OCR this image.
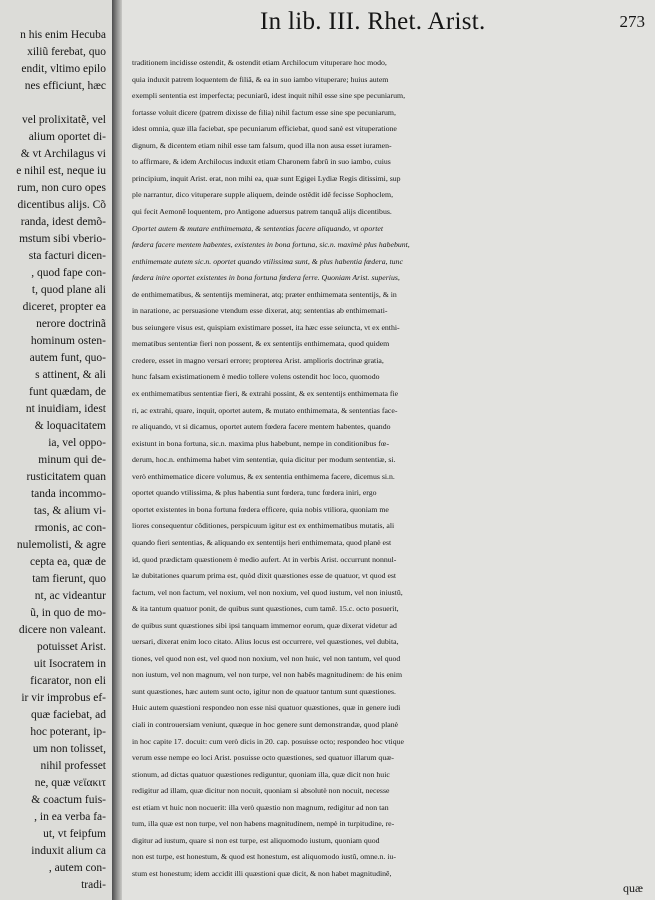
n his enim Hecuba
xiliũ ferebat, quo
endit, vltimo epilo
nes efficiunt, hæc
vel prolixitatẽ, vel
alium oportet di-
& vt Archilagus vi
e nihil est, neque iu
rum, non curo opes
dicentibus alijs. Cõ
randa, idest demõ-
mstum sibi vberio-
sta facturi dicen-
, quod fape con-
t, quod plane ali
diceret, propter ea
nerore doctrinã
hominum osten-
autem funt, quo-
s attinent, & ali
funt quædam, de
nt inuidiam, idest
& loquacitatem
ia, vel oppo-
minum qui de-
rusticitatem quan
tanda incommo-
tas, & alium vi-
rmonis, ac con-
nulemolisti, & agre
cepta ea, quæ de
tam fierunt, quo
nt, ac videantur
ũ, in quo de mo-
dicere non valeant.
potuisset Arist.
uit Isocratem in
ficarator, non eli
ir vir improbus ef-
quæ faciebat, ad
hoc poterant, ip-
um non tolisset,
nihil professet
ne, quæ νεϊακιτ
& coactum fuis-
, in ea verba fa-
ut, vt feipfum
induxit alium ca
, autem con-
tradi-
In lib. III. Rhet. Arist.	273
traditionem incidisse ostendit, & ostendit etiam Archilocum vituperare hoc modo,
quia induxit patrem loquentem de filiâ, & ea in suo iambo vituperare; huius autem
exempli sententia est imperfecta; pecuniarũ, idest inquit nihil esse sine spe pecuniarum,
fortasse voluit dicere (patrem dixisse de filia) nihil factum esse sine spe pecuniarum,
idest omnia, quæ illa faciebat, spe pecuniarum efficiebat, quod sanè est vituperatione
dignum, & dicentem etiam nihil esse tam falsum, quod illa non ausa esset iuramen-
to affirmare, & idem Archilocus induxit etiam Charonem fabrũ in suo iambo, cuius
principium, inquit Arist. erat, non mihi ea, quæ sunt Egigei Lydiæ Regis ditissimi, sup
ple narrantur, dico vituperare supple aliquem, deinde ostẽdit idẽ fecisse Sophoclem,
qui fecit Aemonẽ loquentem, pro Antigone aduersus patrem tanquã alijs dicentibus.
Oportet autem & mutare enthimemata, & sententias facere aliquando, vt oportet
fœdera facere mentem habentes, existentes in bona fortuna, sic.n. maximè plus habebunt,
enthimemate autem sic.n. oportet quando vtilissima sunt, & plus habentia fœdera, tunc
fœdera inire oportet existentes in bona fortuna fœdera ferre. Quoniam Arist. superius,
de enthimematibus, & sententijs meminerat, atq; præter enthimemata sententijs, & in
in naratione, ac persuasione vtendum esse dixerat, atq; sententias ab enthimemati-
bus seiungere visus est, quispiam existimare posset, ita hæc esse seiuncta, vt ex enthi-
mematibus sententiæ fieri non possent, & ex sententijs enthimemata, quod quidem
credere, esset in magno versari errore; propterea Arist. amplioris doctrinæ gratia,
hunc falsam existimationem è medio tollere volens ostendit hoc loco, quomodo
ex enthimematibus sententiæ fieri, & extrahi possint, & ex sententijs enthimemata fie
ri, ac extrahi, quare, inquit, oportet autem, & mutato enthimemata, & sententias face-
re aliquando, vt si dicamus, oportet autem fœdera facere mentem habentes, quando
existunt in bona fortuna, sic.n. maxima plus habebunt, nempe in conditionibus fœ-
derum, hoc.n. enthimema habet vim sententiæ, quia dicitur per modum sententiæ, si.
verò enthimematice dicere volumus, & ex sententia enthimema facere, dicemus si.n.
oportet quando vtilissima, & plus habentia sunt fœdera, tunc fœdera iniri, ergo
oportet existentes in bona fortuna fœdera efficere, quia nobis vtiliora, quoniam me
liores consequentur cõditiones, perspicuum igitur est ex enthimematibus mutatis, ali
quando fieri sententias, & aliquando ex sententijs heri enthimemata, quod planè est
id, quod prædictam quæstionem è medio aufert. At in verbis Arist. occurrunt nonnul-
læ dubitationes quarum prima est, quòd dixit quæstiones esse de quatuor, vt quod est
factum, vel non factum, vel noxium, vel non noxium, vel quod iustum, vel non iniustũ,
& ita tantum quatuor ponit, de quibus sunt quæstiones, cum tamẽ. 15.c. octo posuerit,
de quibus sunt quæstiones sibi ipsi tanquam immemor eorum, quæ dixerat videtur ad
uersari, dixerat enim loco citato. Alius locus est occurrere, vel quæstiones, vel dubita,
tiones, vel quod non est, vel quod non noxium, vel non huic, vel non tantum, vel quod
non iustum, vel non magnum, vel non turpe, vel non habẽs magnitudinem: de his enim
sunt quæstiones, hæc autem sunt octo, igitur non de quatuor tantum sunt quæstiones.
Huic autem quæstioni respondeo non esse nisi quatuor quæstiones, quæ in genere iudi
ciali in controuersiam veniunt, quæque in hoc genere sunt demonstrandæ, quod planè
in hoc capite 17. docuit: cum verò dicis in 20. cap. posuisse octo; respondeo hoc vtique
verum esse nempe eo loci Arist. posuisse octo quæstiones, sed quatuor illarum quæ-
stionum, ad dictas quatuor quæstiones rediguntur, quoniam illa, quæ dicit non huic
redigitur ad illam, quæ dicitur non nocuit, quoniam si absolutè non nocuit, necesse
est etiam vt huic non nocuerit: illa verò quæstio non magnum, redigitur ad non tan
tum, illa quæ est non turpe, vel non habens magnitudinem, nempè in turpitudine, re-
digitur ad iustum, quare si non est turpe, est aliquomodo iustum, quoniam quod
non est turpe, est honestum, & quod est honestum, est aliquomodo iustũ, omne.n. iu-
stum est honestum; idem accidit illi quæstioni quæ dicit, & non habet magnitudinẽ,
quæ
